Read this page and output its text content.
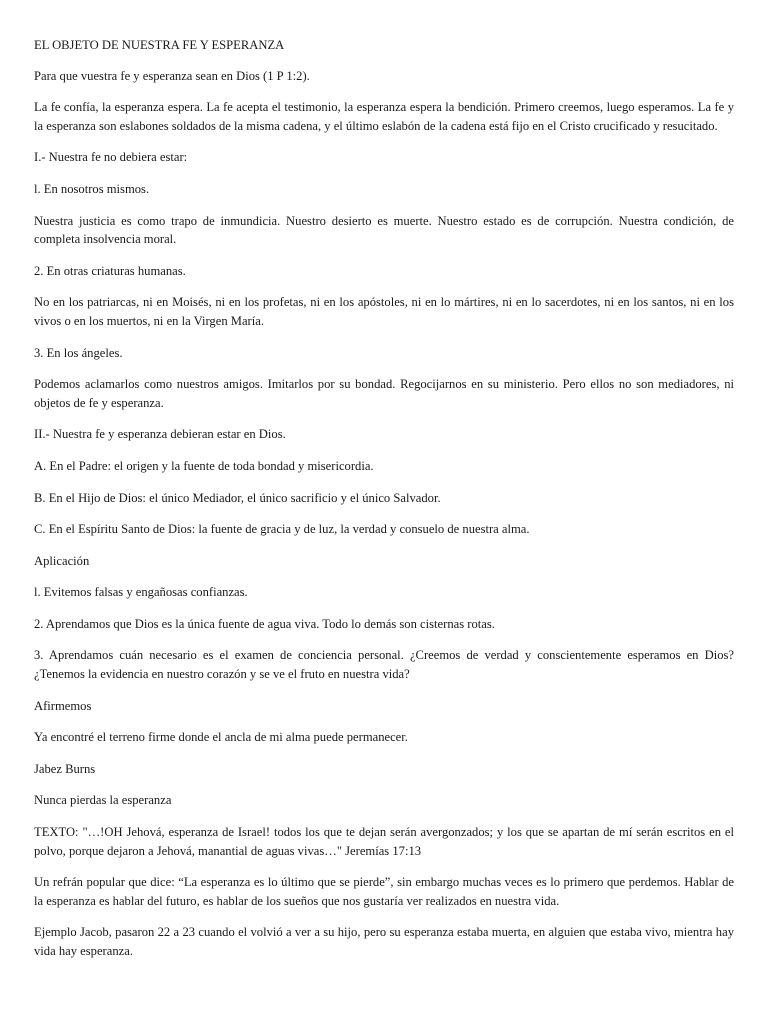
EL OBJETO DE NUESTRA FE Y ESPERANZA

Para que vuestra fe y esperanza sean en Dios (1 P 1:2).

La fe confía, la esperanza espera. La fe acepta el testimonio, la esperanza espera la bendición. Primero creemos, luego esperamos. La fe y la esperanza son eslabones soldados de la misma cadena, y el último eslabón de la cadena está fijo en el Cristo crucificado y resucitado.

I.- Nuestra fe no debiera estar:

l. En nosotros mismos.

Nuestra justicia es como trapo de inmundicia. Nuestro desierto es muerte. Nuestro estado es de corrupción. Nuestra condición, de completa insolvencia moral.

2. En otras criaturas humanas.

No en los patriarcas, ni en Moisés, ni en los profetas, ni en los apóstoles, ni en lo mártires, ni en lo sacerdotes, ni en los santos, ni en los vivos o en los muertos, ni en la Virgen María.

3. En los ángeles.

Podemos aclamarlos como nuestros amigos. Imitarlos por su bondad. Regocijarnos en su ministerio. Pero ellos no son mediadores, ni objetos de fe y esperanza.

II.- Nuestra fe y esperanza debieran estar en Dios.

A. En el Padre: el origen y la fuente de toda bondad y misericordia.

B. En el Hijo de Dios: el único Mediador, el único sacrificio y el único Salvador.

C. En el Espíritu Santo de Dios: la fuente de gracia y de luz, la verdad y consuelo de nuestra alma.

Aplicación

l. Evitemos falsas y engañosas confianzas.

2. Aprendamos que Dios es la única fuente de agua viva. Todo lo demás son cisternas rotas.

3. Aprendamos cuán necesario es el examen de conciencia personal. ¿Creemos de verdad y conscientemente esperamos en Dios? ¿Tenemos la evidencia en nuestro corazón y se ve el fruto en nuestra vida?

Afirmemos

Ya encontré el terreno firme donde el ancla de mi alma puede permanecer.

Jabez Burns

Nunca pierdas la esperanza

TEXTO: "…!OH Jehová, esperanza de Israel! todos los que te dejan serán avergonzados; y los que se apartan de mí serán escritos en el polvo, porque dejaron a Jehová, manantial de aguas vivas…" Jeremías 17:13

Un refrán popular que dice: “La esperanza es lo último que se pierde”, sin embargo muchas veces es lo primero que perdemos. Hablar de la esperanza es hablar del futuro, es hablar de los sueños que nos gustaría ver realizados en nuestra vida.

Ejemplo Jacob, pasaron 22 a 23 cuando el volvió a ver a su hijo, pero su esperanza estaba muerta, en alguien que estaba vivo, mientra hay vida hay esperanza.
